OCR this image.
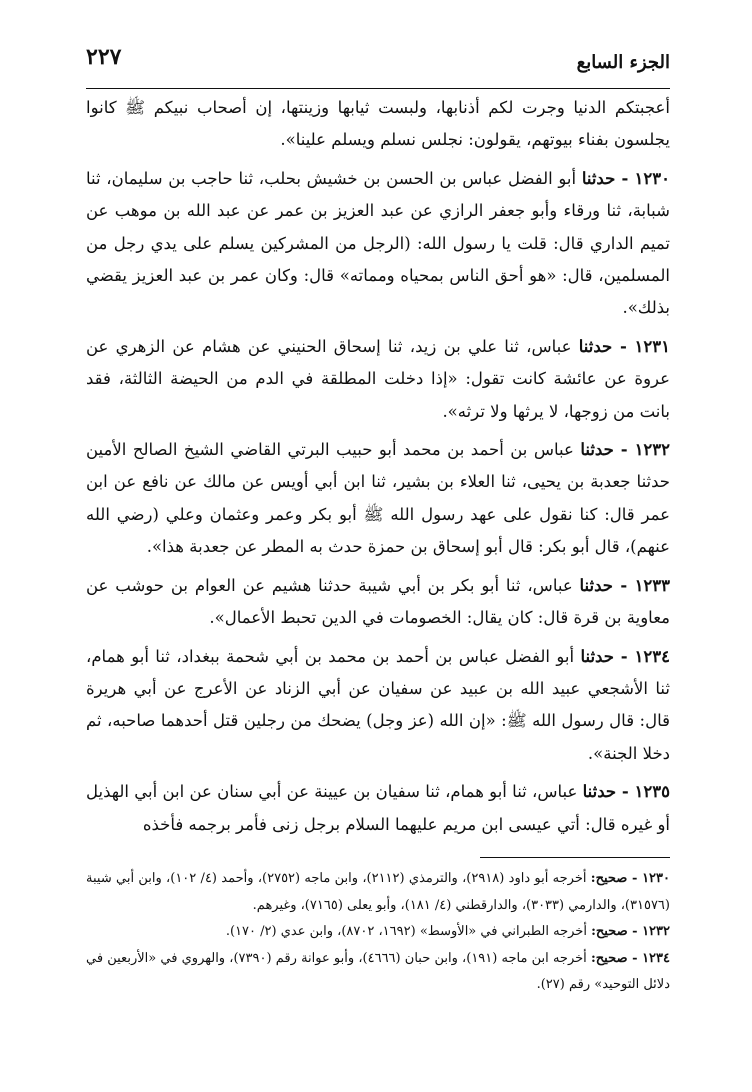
الجزء السابع
٢٢٧

أعجبتكم الدنيا وجرت لكم أذنابها، ولبست ثيابها وزينتها، إن أصحاب نبيكم ﷺ كانوا يجلسون بفناء بيوتهم، يقولون: نجلس نسلم ويسلم علينا».

١٢٣٠ - حدثنا أبو الفضل عباس بن الحسن بن خشيش بحلب، ثنا حاجب بن سليمان، ثنا شبابة، ثنا ورقاء وأبو جعفر الرازي عن عبد العزيز بن عمر عن عبد الله بن موهب عن تميم الداري قال: قلت يا رسول الله: (الرجل من المشركين يسلم على يدي رجل من المسلمين، قال: «هو أحق الناس بمحياه ومماته» قال: وكان عمر بن عبد العزيز يقضي بذلك».

١٢٣١ - حدثنا عباس، ثنا علي بن زيد، ثنا إسحاق الحنيني عن هشام عن الزهري عن عروة عن عائشة كانت تقول: «إذا دخلت المطلقة في الدم من الحيضة الثالثة، فقد بانت من زوجها، لا يرثها ولا ترثه».

١٢٣٢ - حدثنا عباس بن أحمد بن محمد أبو حبيب البرتي القاضي الشيخ الصالح الأمين حدثنا جعدبة بن يحيى، ثنا العلاء بن بشير، ثنا ابن أبي أويس عن مالك عن نافع عن ابن عمر قال: كنا نقول على عهد رسول الله ﷺ أبو بكر وعمر وعثمان وعلي (رضي الله عنهم)، قال أبو بكر: قال أبو إسحاق بن حمزة حدث به المطر عن جعدبة هذا».

١٢٣٣ - حدثنا عباس، ثنا أبو بكر بن أبي شيبة حدثنا هشيم عن العوام بن حوشب عن معاوية بن قرة قال: كان يقال: الخصومات في الدين تحبط الأعمال».

١٢٣٤ - حدثنا أبو الفضل عباس بن أحمد بن محمد بن أبي شحمة ببغداد، ثنا أبو همام، ثنا الأشجعي عبيد الله بن عبيد عن سفيان عن أبي الزناد عن الأعرج عن أبي هريرة قال: قال رسول الله ﷺ: «إن الله (عز وجل) يضحك من رجلين قتل أحدهما صاحبه، ثم دخلا الجنة».

١٢٣٥ - حدثنا عباس، ثنا أبو همام، ثنا سفيان بن عيينة عن أبي سنان عن ابن أبي الهذيل أو غيره قال: أتي عيسى ابن مريم عليهما السلام برجل زنى فأمر برجمه فأخذه

١٢٣٠ - صحيح: أخرجه أبو داود (٢٩١٨)، والترمذي (٢١١٢)، وابن ماجه (٢٧٥٢)، وأحمد (٤/ ١٠٢)، وابن أبي شيبة (٣١٥٧٦)، والدارمي (٣٠٣٣)، والدارقطني (٤/ ١٨١)، وأبو يعلى (٧١٦٥)، وغيرهم.

١٢٣٢ - صحيح: أخرجه الطبراني في «الأوسط» (١٦٩٢، ٨٧٠٢)، وابن عدي (٢/ ١٧٠).

١٢٣٤ - صحيح: أخرجه ابن ماجه (١٩١)، وابن حبان (٤٦٦٦)، وأبو عوانة رقم (٧٣٩٠)، والهروي في «الأربعين في دلائل التوحيد» رقم (٢٧).
